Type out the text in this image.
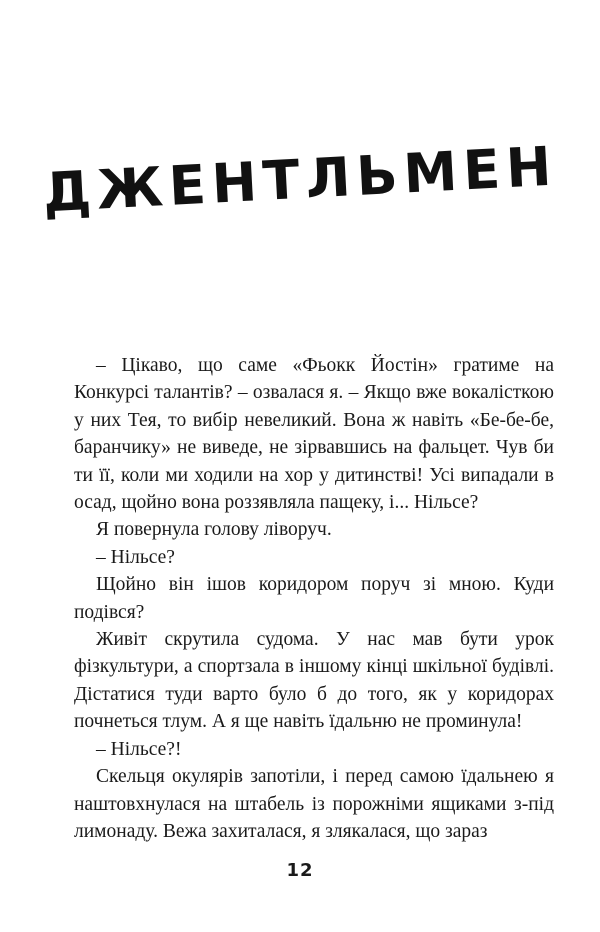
ДЖЕНТЛЬМЕН

– Цікаво, що саме «Фьокк Йостін» гратиме на Конкурсі талантів? – озвалася я. – Якщо вже вокалісткою у них Тея, то вибір невеликий. Вона ж навіть «Бе-бе-бе, баранчику» не виведе, не зірвавшись на фальцет. Чув би ти її, коли ми ходили на хор у дитинстві! Усі випадали в осад, щойно вона роззявляла пащеку, і... Нільсе?

Я повернула голову ліворуч.

– Нільсе?

Щойно він ішов коридором поруч зі мною. Куди подівся?

Живіт скрутила судома. У нас мав бути урок фізкультури, а спортзала в іншому кінці шкільної будівлі. Дістатися туди варто було б до того, як у коридорах почнеться тлум. А я ще навіть їдальню не проминула!

– Нільсе?!

Скельця окулярів запотіли, і перед самою їдальнею я наштовхнулася на штабель із порожніми ящиками з-під лимонаду. Вежа захиталася, я злякалася, що зараз

12
